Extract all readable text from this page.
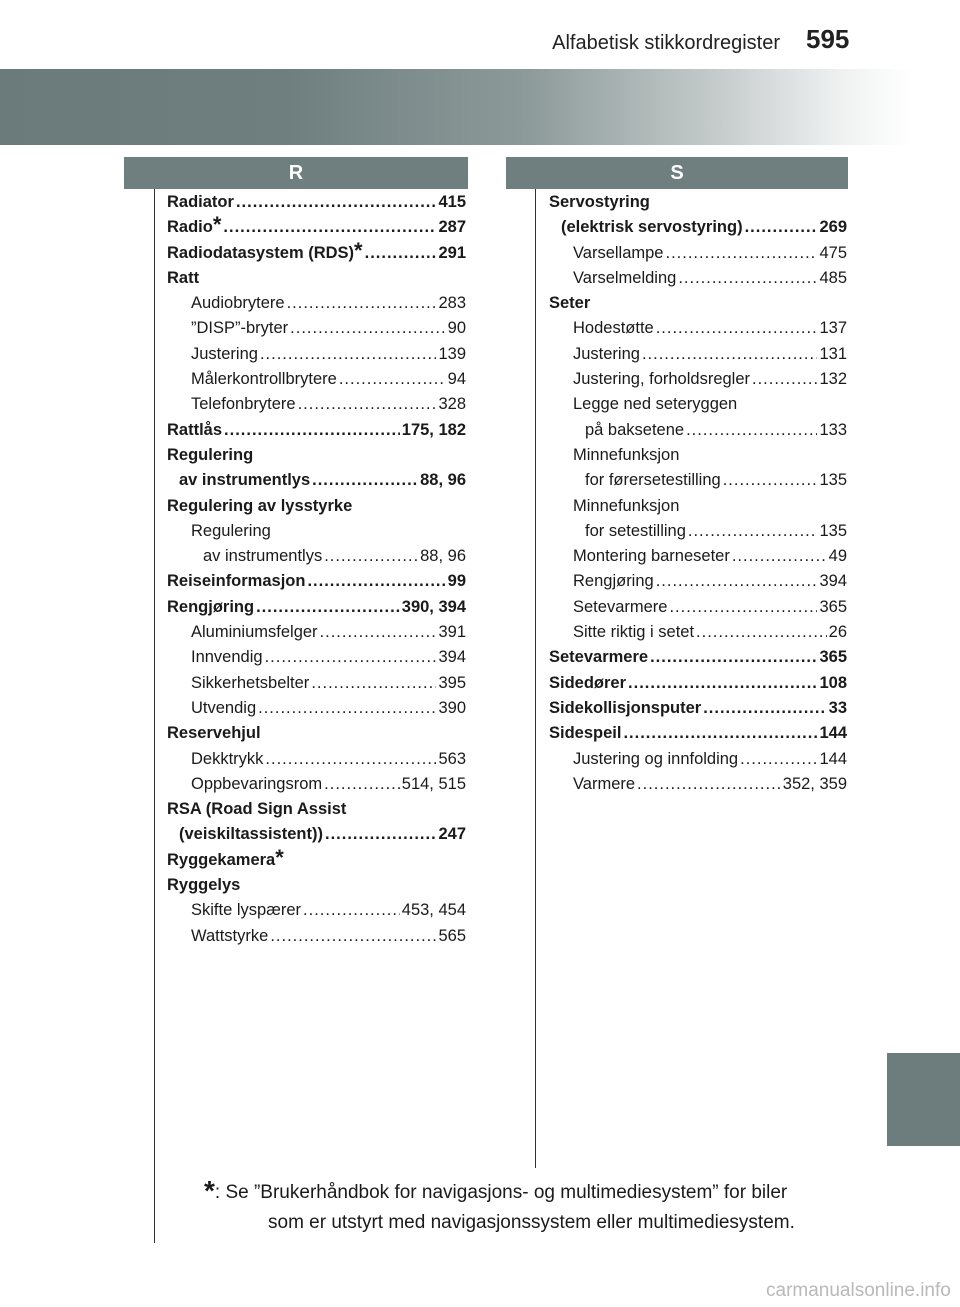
Alfabetisk stikkordregister 595
R	S
Radiator .....	415
Radio * .....	287
Radiodatasystem (RDS) * .....	291
Ratt
Audiobrytere .....	283
”DISP”-bryter .....	90
Justering .....	139
Målerkontrollbrytere .....	94
Telefonbrytere .....	328
Rattlås .....	175, 182
Regulering
av instrumentlys .....	88, 96
Regulering av lysstyrke
Regulering
av instrumentlys .....	88, 96
Reiseinformasjon .....	99
Rengjøring .....	390, 394
Aluminiumsfelger .....	391
Innvendig .....	394
Sikkerhetsbelter .....	395
Utvendig .....	390
Reservehjul
Dekktrykk .....	563
Oppbevaringsrom .....	514, 515
RSA (Road Sign Assist
(veiskiltassistent)) .....	247
Ryggekamera *
Ryggelys
Skifte lyspærer .....	453, 454
Wattstyrke .....	565
Servostyring
(elektrisk servostyring) .....	269
Varsellampe .....	475
Varselmelding .....	485
Seter
Hodestøtte .....	137
Justering .....	131
Justering, forholdsregler .....	132
Legge ned seteryggen
på baksetene .....	133
Minnefunksjon
for førersetestilling .....	135
Minnefunksjon
for setestilling .....	135
Montering barneseter .....	49
Rengjøring .....	394
Setevarmere .....	365
Sitte riktig i setet .....	26
Setevarmere .....	365
Sidedører .....	108
Sidekollisjonsputer .....	33
Sidespeil .....	144
Justering og innfolding .....	144
Varmere .....	352, 359
*: Se ”Brukerhåndbok for navigasjons- og multimediesystem” for biler
som er utstyrt med navigasjonssystem eller multimediesystem.
carmanualsonline.info
